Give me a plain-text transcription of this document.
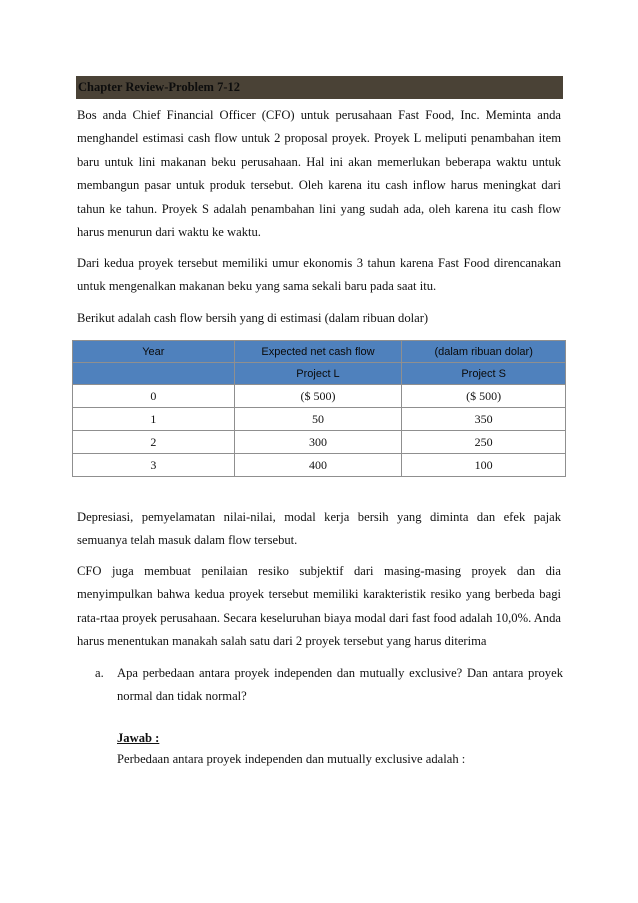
Chapter Review-Problem 7-12

Bos anda Chief Financial Officer (CFO) untuk perusahaan Fast Food, Inc. Meminta anda menghandel estimasi cash flow untuk 2 proposal proyek. Proyek L meliputi penambahan item baru untuk lini makanan beku perusahaan. Hal ini akan memerlukan beberapa waktu untuk membangun pasar untuk produk tersebut. Oleh karena itu cash inflow harus meningkat dari tahun ke tahun. Proyek S adalah penambahan lini yang sudah ada, oleh karena itu cash flow harus menurun dari waktu ke waktu.

Dari kedua proyek tersebut memiliki umur ekonomis 3 tahun karena Fast Food direncanakan untuk mengenalkan makanan beku yang sama sekali baru pada saat itu.

Berikut adalah cash flow bersih yang di estimasi (dalam ribuan dolar)

Year	Expected net cash flow	(dalam ribuan dolar)
	Project L	Project S
0	($ 500)	($ 500)
1	50	350
2	300	250
3	400	100

Depresiasi, pemyelamatan nilai-nilai, modal kerja bersih yang diminta dan efek pajak semuanya telah masuk dalam flow tersebut.

CFO juga membuat penilaian resiko subjektif dari masing-masing proyek dan dia menyimpulkan bahwa kedua proyek tersebut memiliki karakteristik resiko yang berbeda bagi rata-rtaa proyek perusahaan. Secara keseluruhan biaya modal dari fast food adalah 10,0%. Anda harus menentukan manakah salah satu dari 2 proyek tersebut yang harus diterima

a. Apa perbedaan antara proyek independen dan mutually exclusive? Dan antara proyek normal dan tidak normal?
Jawab :
Perbedaan antara proyek independen dan mutually exclusive adalah :
